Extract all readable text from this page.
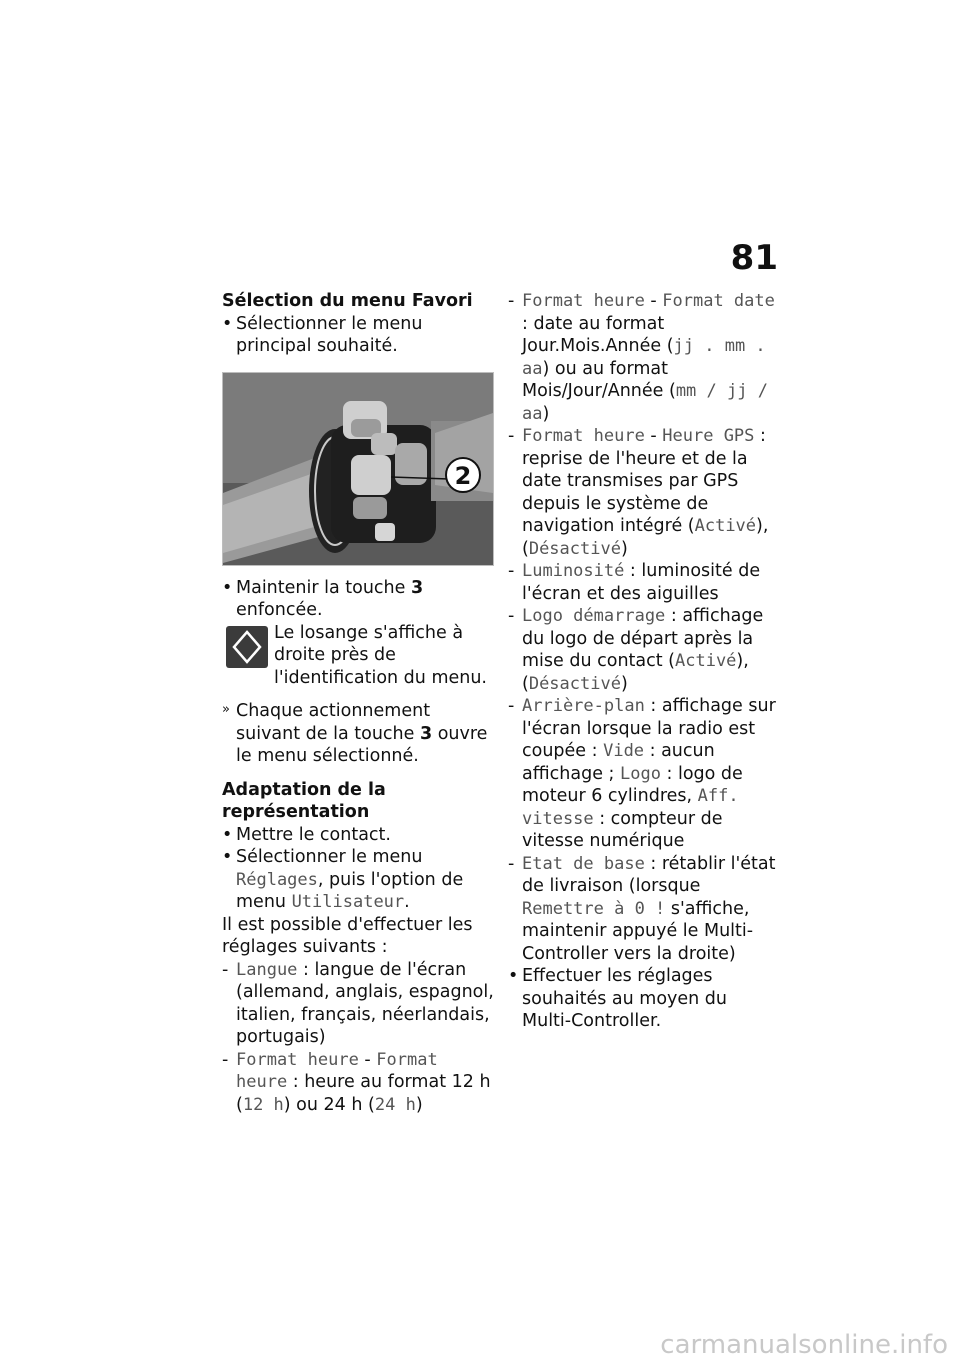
81

Sélection du menu Favori

• Sélectionner le menu principal souhaité.

2

• Maintenir la touche 3 enfoncée.

Le losange s'affiche à droite près de l'identification du menu.

» Chaque actionnement suivant de la touche 3 ouvre le menu sélectionné.

Adaptation de la représentation

• Mettre le contact.

• Sélectionner le menu Réglages, puis l'option de menu Utilisateur.

Il est possible d'effectuer les réglages suivants :

- Langue : langue de l'écran (allemand, anglais, espagnol, italien, français, néerlandais, portugais)

- Format heure - Format heure : heure au format 12 h (12 h) ou 24 h (24 h)

- Format heure - Format date : date au format Jour.Mois.Année (jj . mm . aa) ou au format Mois/Jour/Année (mm / jj / aa)

- Format heure - Heure GPS : reprise de l'heure et de la date transmises par GPS depuis le système de navigation intégré (Activé), (Désactivé)

- Luminosité : luminosité de l'écran et des aiguilles

- Logo démarrage : affichage du logo de départ après la mise du contact (Activé), (Désactivé)

- Arrière-plan : affichage sur l'écran lorsque la radio est coupée : Vide : aucun affichage ; Logo : logo de moteur 6 cylindres, Aff. vitesse : compteur de vitesse numérique

- Etat de base : rétablir l'état de livraison (lorsque Remettre à 0 ! s'affiche, maintenir appuyé le Multi-Controller vers la droite)

• Effectuer les réglages souhaités au moyen du Multi-Controller.

carmanualsonline.info
